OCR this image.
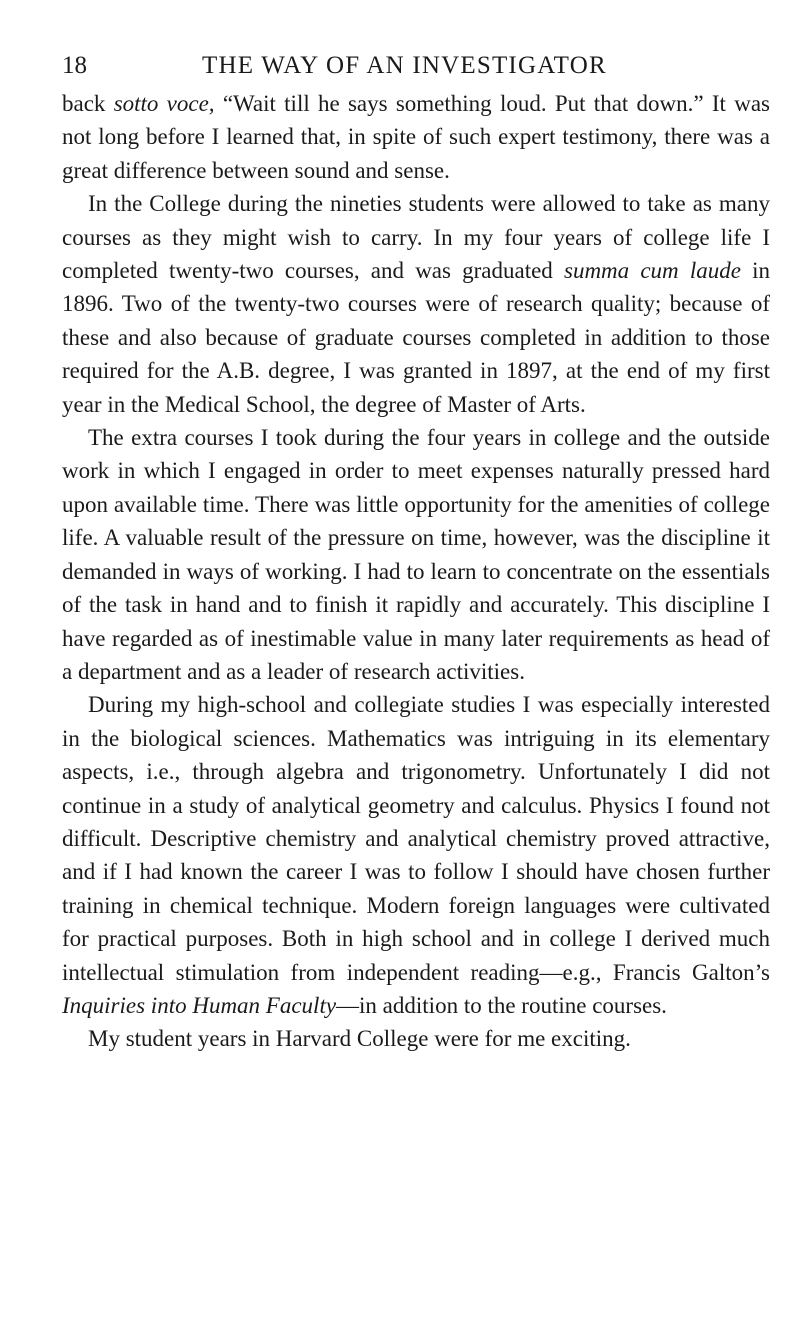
18	THE WAY OF AN INVESTIGATOR

back sotto voce, “Wait till he says something loud. Put that down.” It was not long before I learned that, in spite of such expert testimony, there was a great difference between sound and sense.

In the College during the nineties students were allowed to take as many courses as they might wish to carry. In my four years of college life I completed twenty-two courses, and was graduated summa cum laude in 1896. Two of the twenty-two courses were of research quality; because of these and also because of graduate courses completed in addition to those required for the A.B. degree, I was granted in 1897, at the end of my first year in the Medical School, the degree of Master of Arts.

The extra courses I took during the four years in college and the outside work in which I engaged in order to meet expenses naturally pressed hard upon available time. There was little opportunity for the amenities of college life. A valuable result of the pressure on time, however, was the discipline it demanded in ways of working. I had to learn to concentrate on the essentials of the task in hand and to finish it rapidly and accurately. This discipline I have regarded as of inestimable value in many later requirements as head of a department and as a leader of research activities.

During my high-school and collegiate studies I was especially interested in the biological sciences. Mathematics was intriguing in its elementary aspects, i.e., through algebra and trigonometry. Unfortunately I did not continue in a study of analytical geometry and calculus. Physics I found not difficult. Descriptive chemistry and analytical chemistry proved attractive, and if I had known the career I was to follow I should have chosen further training in chemical technique. Modern foreign languages were cultivated for practical purposes. Both in high school and in college I derived much intellectual stimulation from independent reading—e.g., Francis Galton’s Inquiries into Human Faculty—in addition to the routine courses.

My student years in Harvard College were for me exciting.
